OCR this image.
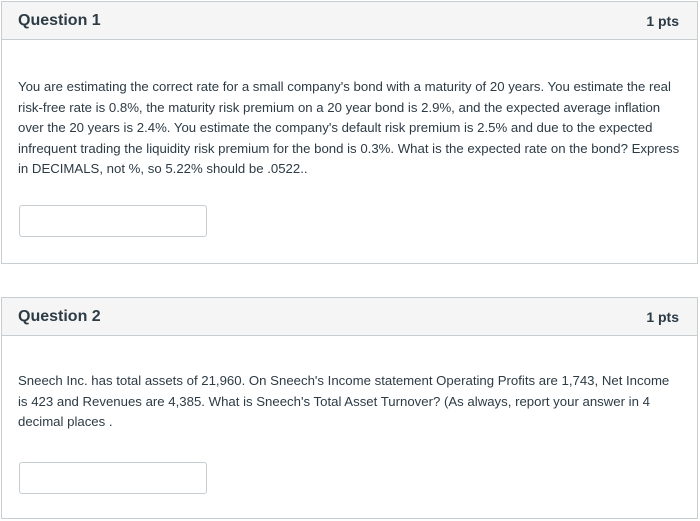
Question 1	1 pts

You are estimating the correct rate for a small company's bond with a maturity of 20 years. You estimate the real risk-free rate is 0.8%, the maturity risk premium on a 20 year bond is 2.9%, and the expected average inflation over the 20 years is 2.4%. You estimate the company's default risk premium is 2.5% and due to the expected infrequent trading the liquidity risk premium for the bond is 0.3%. What is the expected rate on the bond? Express in DECIMALS, not %, so 5.22% should be .0522..

Question 2	1 pts

Sneech Inc. has total assets of 21,960. On Sneech's Income statement Operating Profits are 1,743, Net Income is 423 and Revenues are 4,385. What is Sneech's Total Asset Turnover? (As always, report your answer in 4 decimal places .
